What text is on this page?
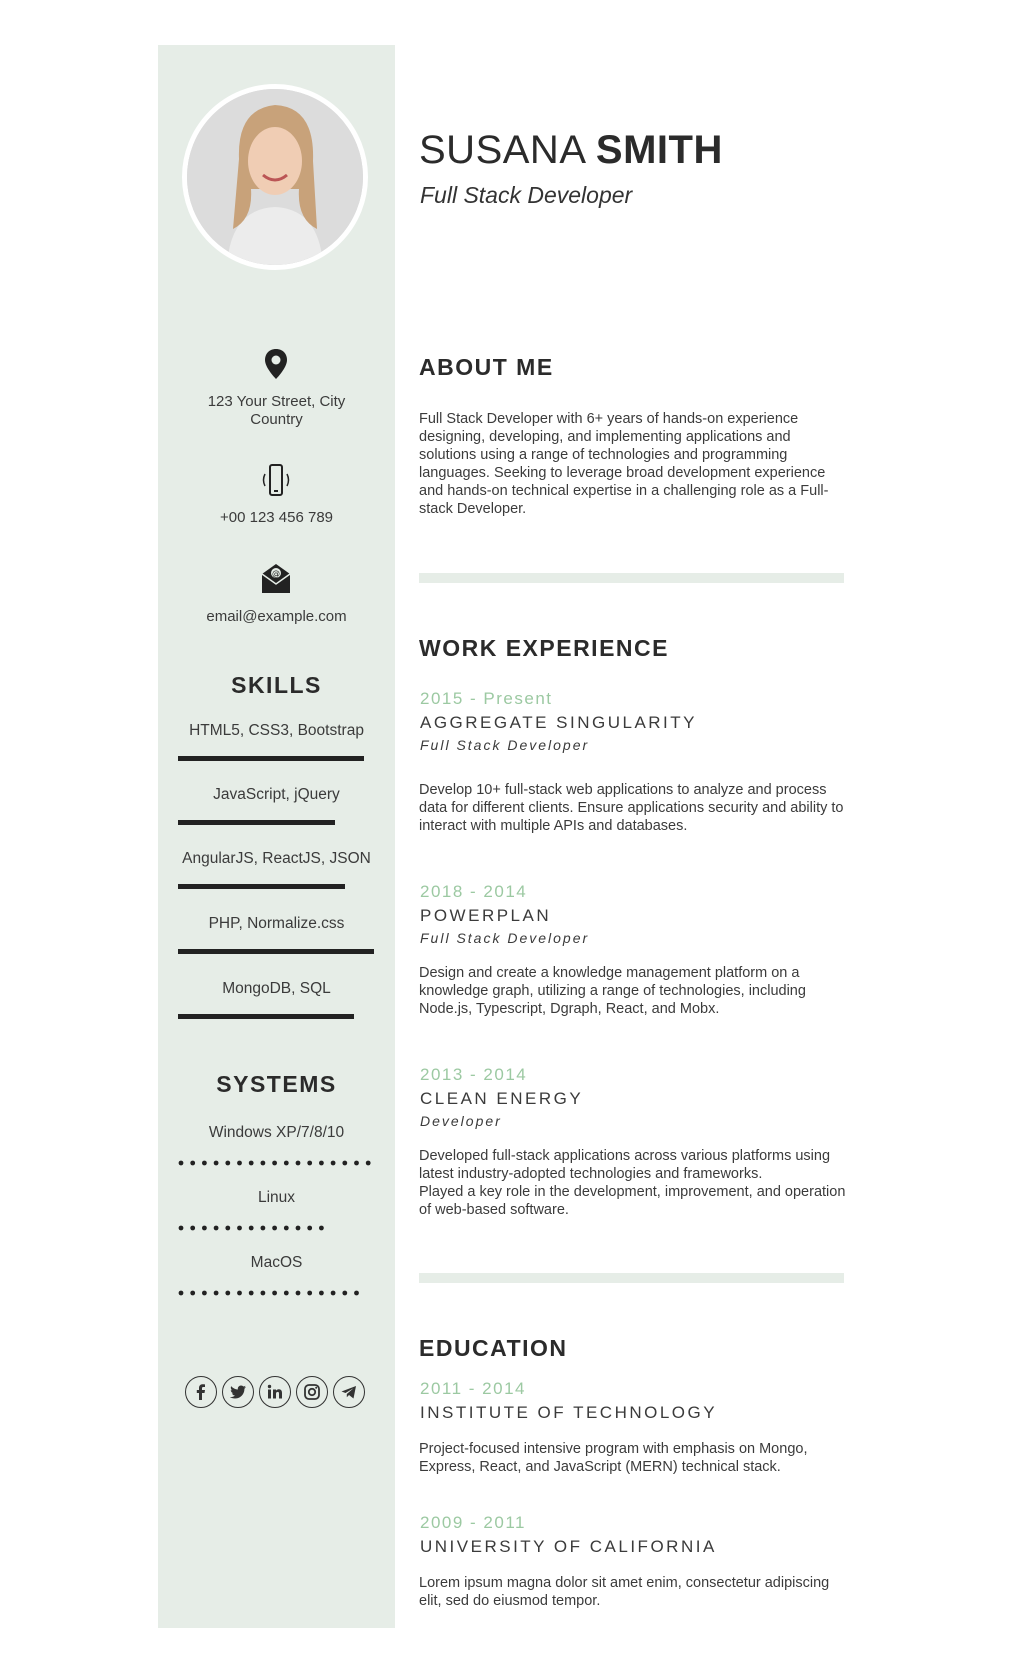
123 Your Street, City
Country
+00 123 456 789
@
email@example.com
SKILLS
HTML5, CSS3, Bootstrap
JavaScript, jQuery
AngularJS, ReactJS, JSON
PHP, Normalize.css
MongoDB, SQL
SYSTEMS
Windows XP/7/8/10
Linux
MacOS
SUSANA SMITH
Full Stack Developer
ABOUT ME
Full Stack Developer with 6+ years of hands-on experience designing, developing, and implementing applications and solutions using a range of technologies and programming languages. Seeking to leverage broad development experience and hands-on technical expertise in a challenging role as a Full-stack Developer.
WORK EXPERIENCE
2015 - Present
AGGREGATE SINGULARITY
Full Stack Developer
Develop 10+ full-stack web applications to analyze and process data for different clients. Ensure applications security and ability to interact with multiple APIs and databases.
2018 - 2014
POWERPLAN
Full Stack Developer
Design and create a knowledge management platform on a knowledge graph, utilizing a range of technologies, including Node.js, Typescript, Dgraph, React, and Mobx.
2013 - 2014
CLEAN ENERGY
Developer
Developed full-stack applications across various platforms using latest industry-adopted technologies and frameworks.
Played a key role in the development, improvement, and operation of web-based software.
EDUCATION
2011 - 2014
INSTITUTE OF TECHNOLOGY
Project-focused intensive program with emphasis on Mongo, Express, React, and JavaScript (MERN) technical stack.
2009 - 2011
UNIVERSITY OF CALIFORNIA
Lorem ipsum magna dolor sit amet enim, consectetur adipiscing elit, sed do eiusmod tempor.
